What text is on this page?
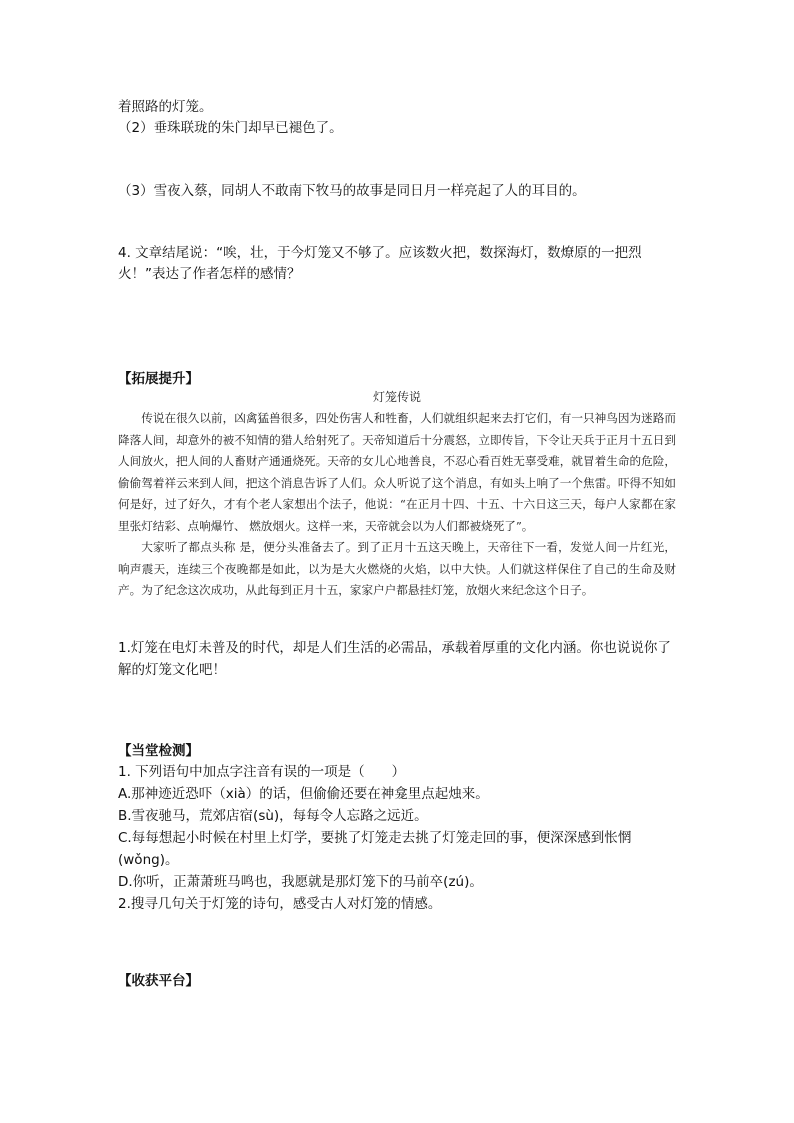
着照路的灯笼。
（2）垂珠联珑的朱门却早已褪色了。
（3）雪夜入蔡，同胡人不敢南下牧马的故事是同日月一样亮起了人的耳目的。
4. 文章结尾说：“唉，壮，于今灯笼又不够了。应该数火把，数探海灯，数燎原的一把烈
火！”表达了作者怎样的感情？
【拓展提升】
灯笼传说

传说在很久以前，凶禽猛兽很多，四处伤害人和牲畜，人们就组织起来去打它们，有一只神鸟因为迷路而降落人间，却意外的被不知情的猎人给射死了。天帝知道后十分震怒，立即传旨，下令让天兵于正月十五日到人间放火，把人间的人畜财产通通烧死。天帝的女儿心地善良，不忍心看百姓无辜受难，就冒着生命的危险，偷偷驾着祥云来到人间，把这个消息告诉了人们。众人听说了这个消息，有如头上响了一个焦雷。吓得不知如何是好，过了好久，才有个老人家想出个法子，他说：“在正月十四、十五、十六日这三天，每户人家都在家里张灯结彩、点响爆竹、 燃放烟火。这样一来，天帝就会以为人们都被烧死了”。

大家听了都点头称 是，便分头准备去了。到了正月十五这天晚上，天帝往下一看，发觉人间一片红光，响声震天，连续三个夜晚都是如此，以为是大火燃烧的火焰，以中大快。人们就这样保住了自己的生命及财产。为了纪念这次成功，从此每到正月十五，家家户户都悬挂灯笼，放烟火来纪念这个日子。

1.灯笼在电灯未普及的时代，却是人们生活的必需品，承载着厚重的文化内涵。你也说说你了解的灯笼文化吧！

【当堂检测】

1. 下列语句中加点字注音有误的一项是（　　）

A.那神迹近恐吓（xià）的话，但偷偷还要在神龛里点起烛来。

B.雪夜驰马，荒郊店宿(sù)，每每令人忘路之远近。

C.每每想起小时候在村里上灯学，要挑了灯笼走去挑了灯笼走回的事，便深深感到怅惘(wǒng)。

D.你听，正萧萧班马鸣也，我愿就是那灯笼下的马前卒(zú)。

2.搜寻几句关于灯笼的诗句，感受古人对灯笼的情感。

【收获平台】
